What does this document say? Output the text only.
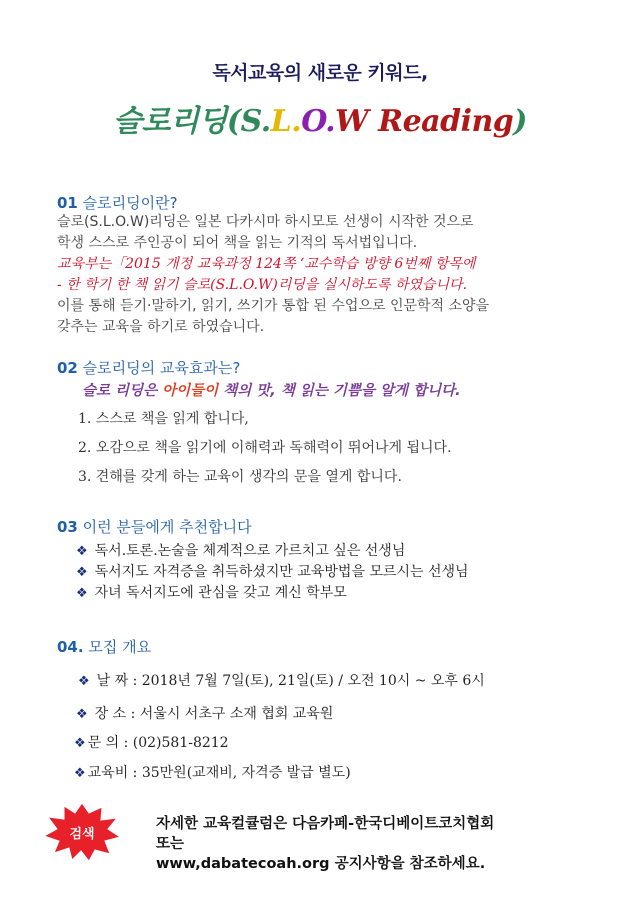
독서교육의 새로운 키워드,
슬로리딩(S.L.O.W Reading)
01 슬로리딩이란?
슬로(S.L.O.W)리딩은 일본 다카시마 하시모토 선생이 시작한 것으로
학생 스스로 주인공이 되어 책을 읽는 기적의 독서법입니다.
교육부는「2015 개정 교육과정 124쪽 ‘교수학습 방향 6번째 항목에
- 한 학기 한 책 읽기 슬로(S.L.O.W)리딩을 실시하도록 하였습니다.
이를 통해 듣기·말하기, 읽기, 쓰기가 통합 된 수업으로 인문학적 소양을
갖추는 교육을 하기로 하였습니다.
02 슬로리딩의 교육효과는?
슬로 리딩은 아이들이 책의 맛, 책 읽는 기쁨을 알게 합니다.
1. 스스로 책을 읽게 합니다,
2. 오감으로 책을 읽기에 이해력과 독해력이 뛰어나게 됩니다.
3. 견해를 갖게 하는 교육이 생각의 문을 열게 합니다.
03 이런 분들에게 추천합니다
❖ 독서.토론.논술을 체계적으로 가르치고 싶은 선생님
❖ 독서지도 자격증을 취득하셨지만 교육방법을 모르시는 선생님
❖ 자녀 독서지도에 관심을 갖고 계신 학부모
04. 모집 개요
❖ 날 짜 : 2018년 7월 7일(토), 21일(토) / 오전 10시 ~ 오후 6시
❖ 장 소 : 서울시 서초구 소재 협회 교육원
❖ 문 의 : (02)581-8212
❖ 교육비 : 35만원(교재비, 자격증 발급 별도)
검색
자세한 교육컬큘럼은 다음카페-한국디베이트코치협회
또는
www,dabatecoah.org 공지사항을 참조하세요.
